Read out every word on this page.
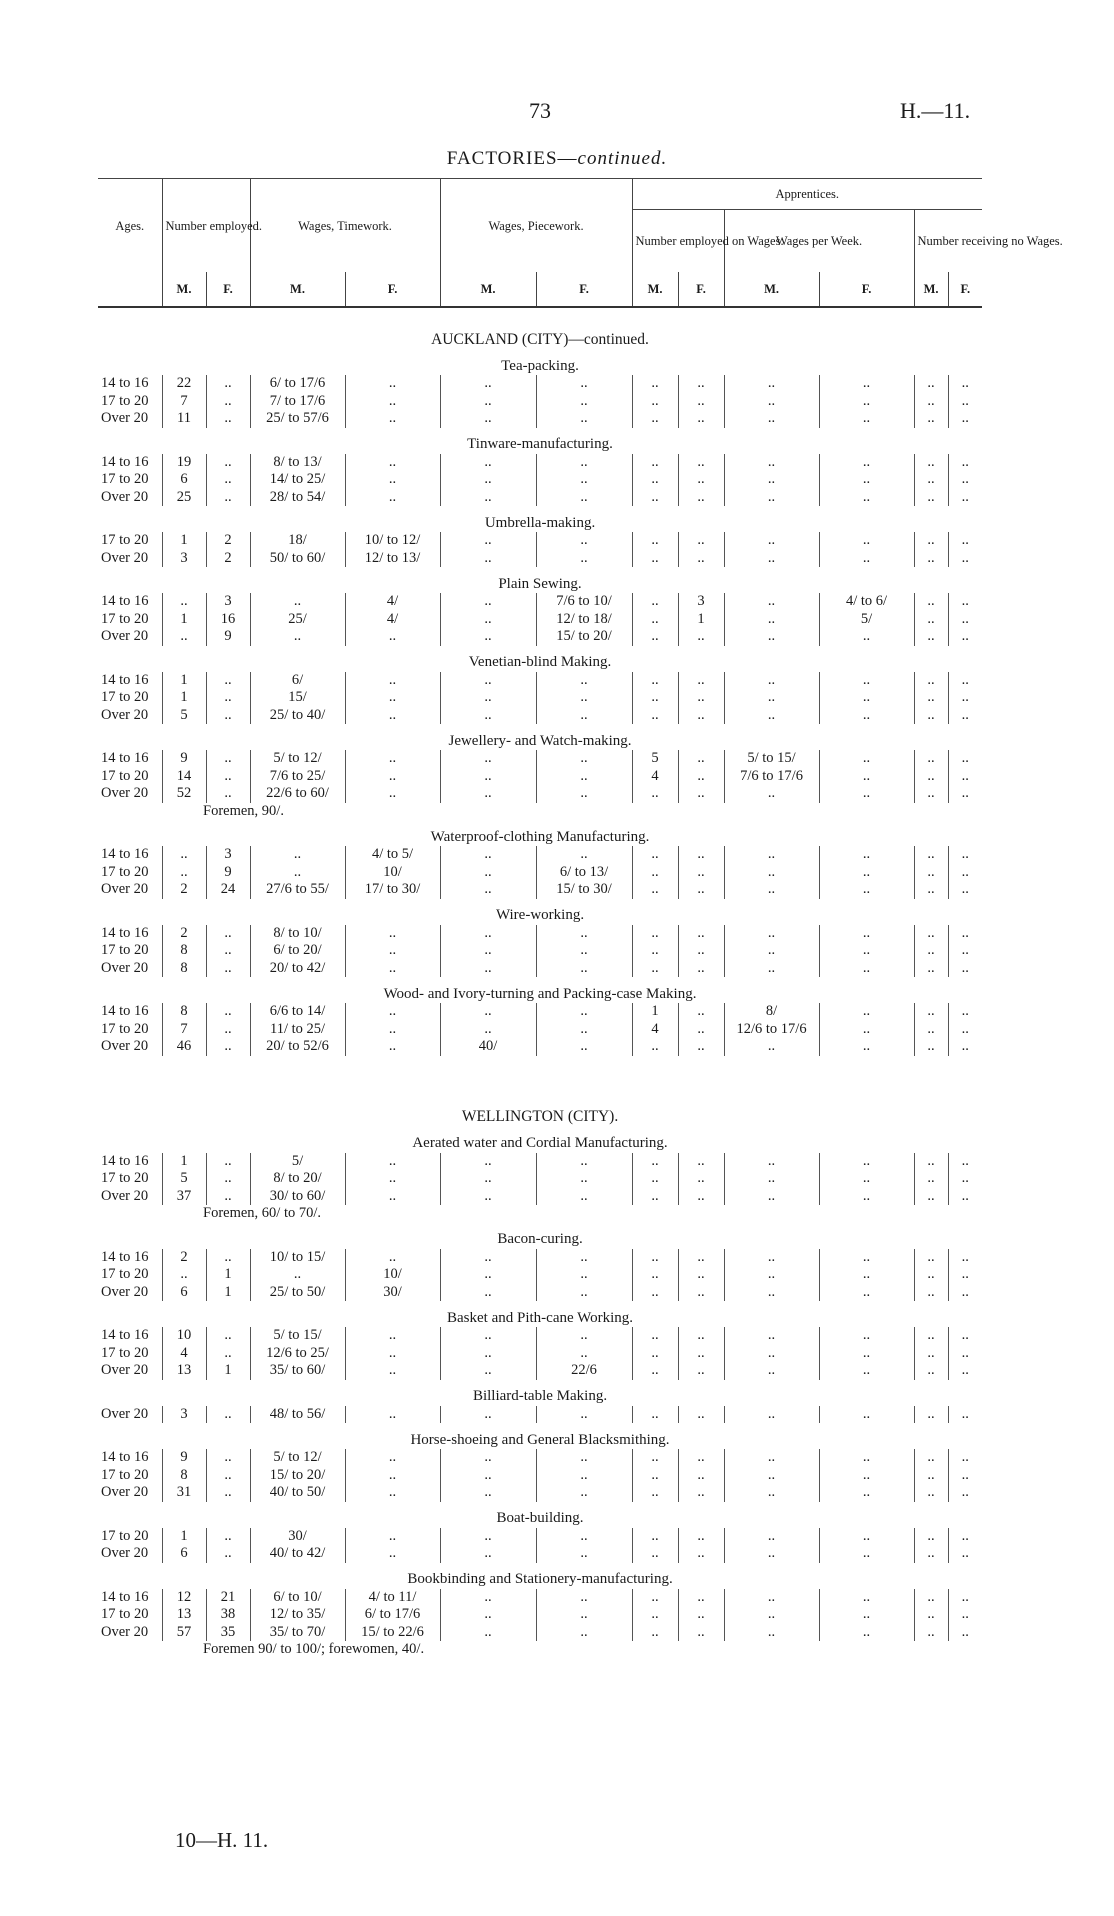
73	H.—11.
FACTORIES—continued.
Ages.	Number employed.		Wages, Timework.		Wages, Piecework.		Apprentices.					
							Number employed on Wages.		Wages per Week.		Number receiving no Wages.	
	M.	F.	M.	F.	M.	F.	M.	F.	M.	F.	M.	F.
AUCKLAND (CITY)—continued.												
Tea-packing.												
14 to 16	22	..	6/ to 17/6	..	..	..	..	..	..	..	..	..
17 to 20	7	..	7/ to 17/6	..	..	..	..	..	..	..	..	..
Over 20	11	..	25/ to 57/6	..	..	..	..	..	..	..	..	..
Tinware-manufacturing.												
14 to 16	19	..	8/ to 13/	..	..	..	..	..	..	..	..	..
17 to 20	6	..	14/ to 25/	..	..	..	..	..	..	..	..	..
Over 20	25	..	28/ to 54/	..	..	..	..	..	..	..	..	..
Umbrella-making.												
17 to 20	1	2	18/	10/ to 12/	..	..	..	..	..	..	..	..
Over 20	3	2	50/ to 60/	12/ to 13/	..	..	..	..	..	..	..	..
Plain Sewing.												
14 to 16	..	3	..	4/	..	7/6 to 10/	..	3	..	4/ to 6/	..	..
17 to 20	1	16	25/	4/	..	12/ to 18/	..	1	..	5/	..	..
Over 20	..	9	..	..	..	15/ to 20/	..	..	..	..	..	..
Venetian-blind Making.												
14 to 16	1	..	6/	..	..	..	..	..	..	..	..	..
17 to 20	1	..	15/	..	..	..	..	..	..	..	..	..
Over 20	5	..	25/ to 40/	..	..	..	..	..	..	..	..	..
Jewellery- and Watch-making.												
14 to 16	9	..	5/ to 12/	..	..	..	5	..	5/ to 15/	..	..	..
17 to 20	14	..	7/6 to 25/	..	..	..	4	..	7/6 to 17/6	..	..	..
Over 20	52	..	22/6 to 60/	..	..	..	..	..	..	..	..	..
Foremen, 90/.												
Waterproof-clothing Manufacturing.												
14 to 16	..	3	..	4/ to 5/	..	..	..	..	..	..	..	..
17 to 20	..	9	..	10/	..	6/ to 13/	..	..	..	..	..	..
Over 20	2	24	27/6 to 55/	17/ to 30/	..	15/ to 30/	..	..	..	..	..	..
Wire-working.												
14 to 16	2	..	8/ to 10/	..	..	..	..	..	..	..	..	..
17 to 20	8	..	6/ to 20/	..	..	..	..	..	..	..	..	..
Over 20	8	..	20/ to 42/	..	..	..	..	..	..	..	..	..
Wood- and Ivory-turning and Packing-case Making.												
14 to 16	8	..	6/6 to 14/	..	..	..	1	..	8/	..	..	..
17 to 20	7	..	11/ to 25/	..	..	..	4	..	12/6 to 17/6	..	..	..
Over 20	46	..	20/ to 52/6	..	40/	..	..	..	..	..	..	..

WELLINGTON (CITY).												
Aerated water and Cordial Manufacturing.												
14 to 16	1	..	5/	..	..	..	..	..	..	..	..	..
17 to 20	5	..	8/ to 20/	..	..	..	..	..	..	..	..	..
Over 20	37	..	30/ to 60/	..	..	..	..	..	..	..	..	..
Foremen, 60/ to 70/.												
Bacon-curing.												
14 to 16	2	..	10/ to 15/	..	..	..	..	..	..	..	..	..
17 to 20	..	1	..	10/	..	..	..	..	..	..	..	..
Over 20	6	1	25/ to 50/	30/	..	..	..	..	..	..	..	..
Basket and Pith-cane Working.												
14 to 16	10	..	5/ to 15/	..	..	..	..	..	..	..	..	..
17 to 20	4	..	12/6 to 25/	..	..	..	..	..	..	..	..	..
Over 20	13	1	35/ to 60/	..	..	22/6	..	..	..	..	..	..
Billiard-table Making.												
Over 20	3	..	48/ to 56/	..	..	..	..	..	..	..	..	..
Horse-shoeing and General Blacksmithing.												
14 to 16	9	..	5/ to 12/	..	..	..	..	..	..	..	..	..
17 to 20	8	..	15/ to 20/	..	..	..	..	..	..	..	..	..
Over 20	31	..	40/ to 50/	..	..	..	..	..	..	..	..	..
Boat-building.												
17 to 20	1	..	30/	..	..	..	..	..	..	..	..	..
Over 20	6	..	40/ to 42/	..	..	..	..	..	..	..	..	..
Bookbinding and Stationery-manufacturing.												
14 to 16	12	21	6/ to 10/	4/ to 11/	..	..	..	..	..	..	..	..
17 to 20	13	38	12/ to 35/	6/ to 17/6	..	..	..	..	..	..	..	..
Over 20	57	35	35/ to 70/	15/ to 22/6	..	..	..	..	..	..	..	..
Foremen 90/ to 100/; forewomen, 40/.												
10—H. 11.
